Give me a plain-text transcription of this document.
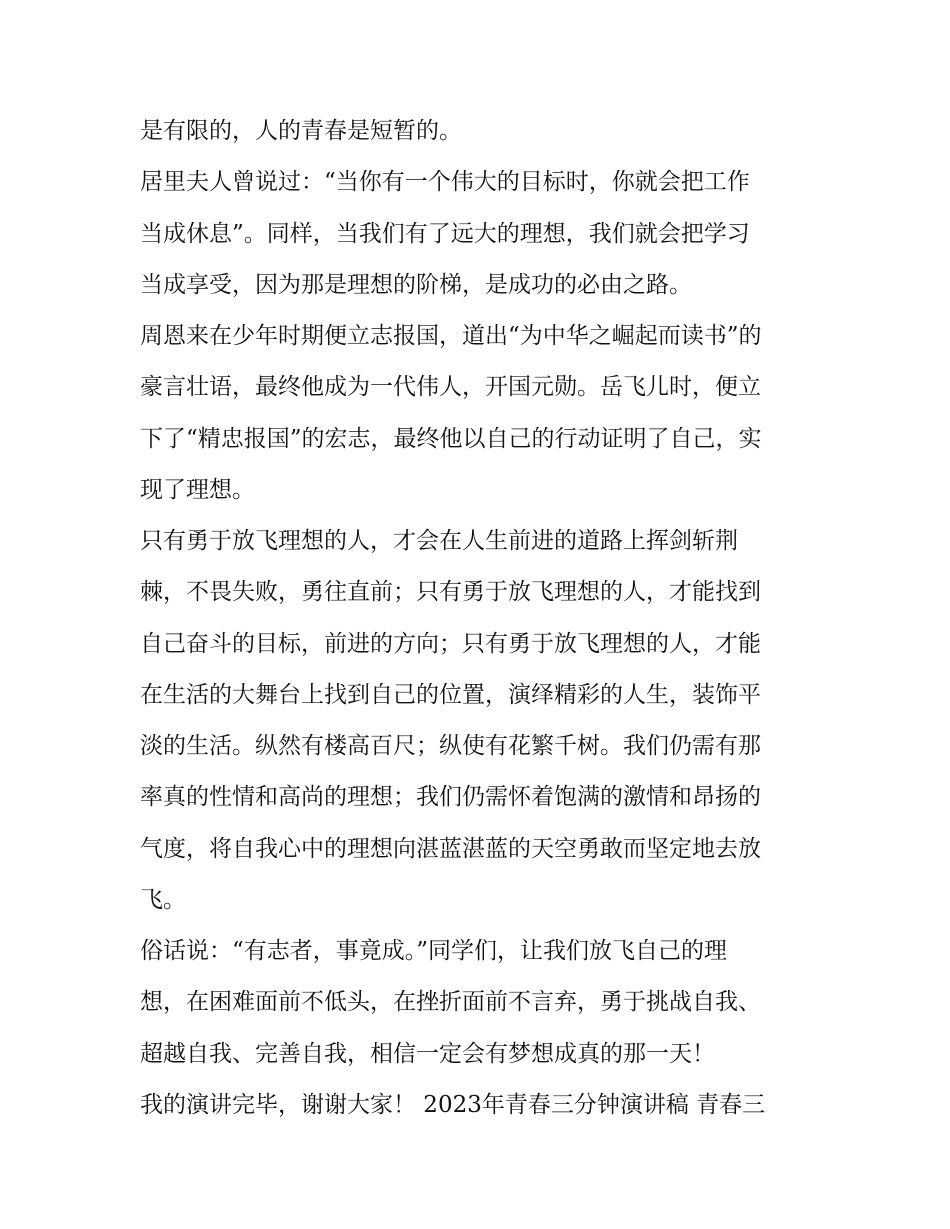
是有限的，人的青春是短暂的。
居里夫人曾说过：“当你有一个伟大的目标时，你就会把工作
当成休息”。同样，当我们有了远大的理想，我们就会把学习
当成享受，因为那是理想的阶梯，是成功的必由之路。
周恩来在少年时期便立志报国，道出“为中华之崛起而读书”的
豪言壮语，最终他成为一代伟人，开国元勋。岳飞儿时，便立
下了“精忠报国”的宏志，最终他以自己的行动证明了自己，实
现了理想。
只有勇于放飞理想的人，才会在人生前进的道路上挥剑斩荆
棘，不畏失败，勇往直前；只有勇于放飞理想的人，才能找到
自己奋斗的目标，前进的方向；只有勇于放飞理想的人，才能
在生活的大舞台上找到自己的位置，演绎精彩的人生，装饰平
淡的生活。纵然有楼高百尺；纵使有花繁千树。我们仍需有那
率真的性情和高尚的理想；我们仍需怀着饱满的激情和昂扬的
气度，将自我心中的理想向湛蓝湛蓝的天空勇敢而坚定地去放
飞。
俗话说：“有志者，事竟成。”同学们，让我们放飞自己的理
想，在困难面前不低头，在挫折面前不言弃，勇于挑战自我、
超越自我、完善自我，相信一定会有梦想成真的那一天！
我的演讲完毕，谢谢大家！ 2023年青春三分钟演讲稿 青春三
